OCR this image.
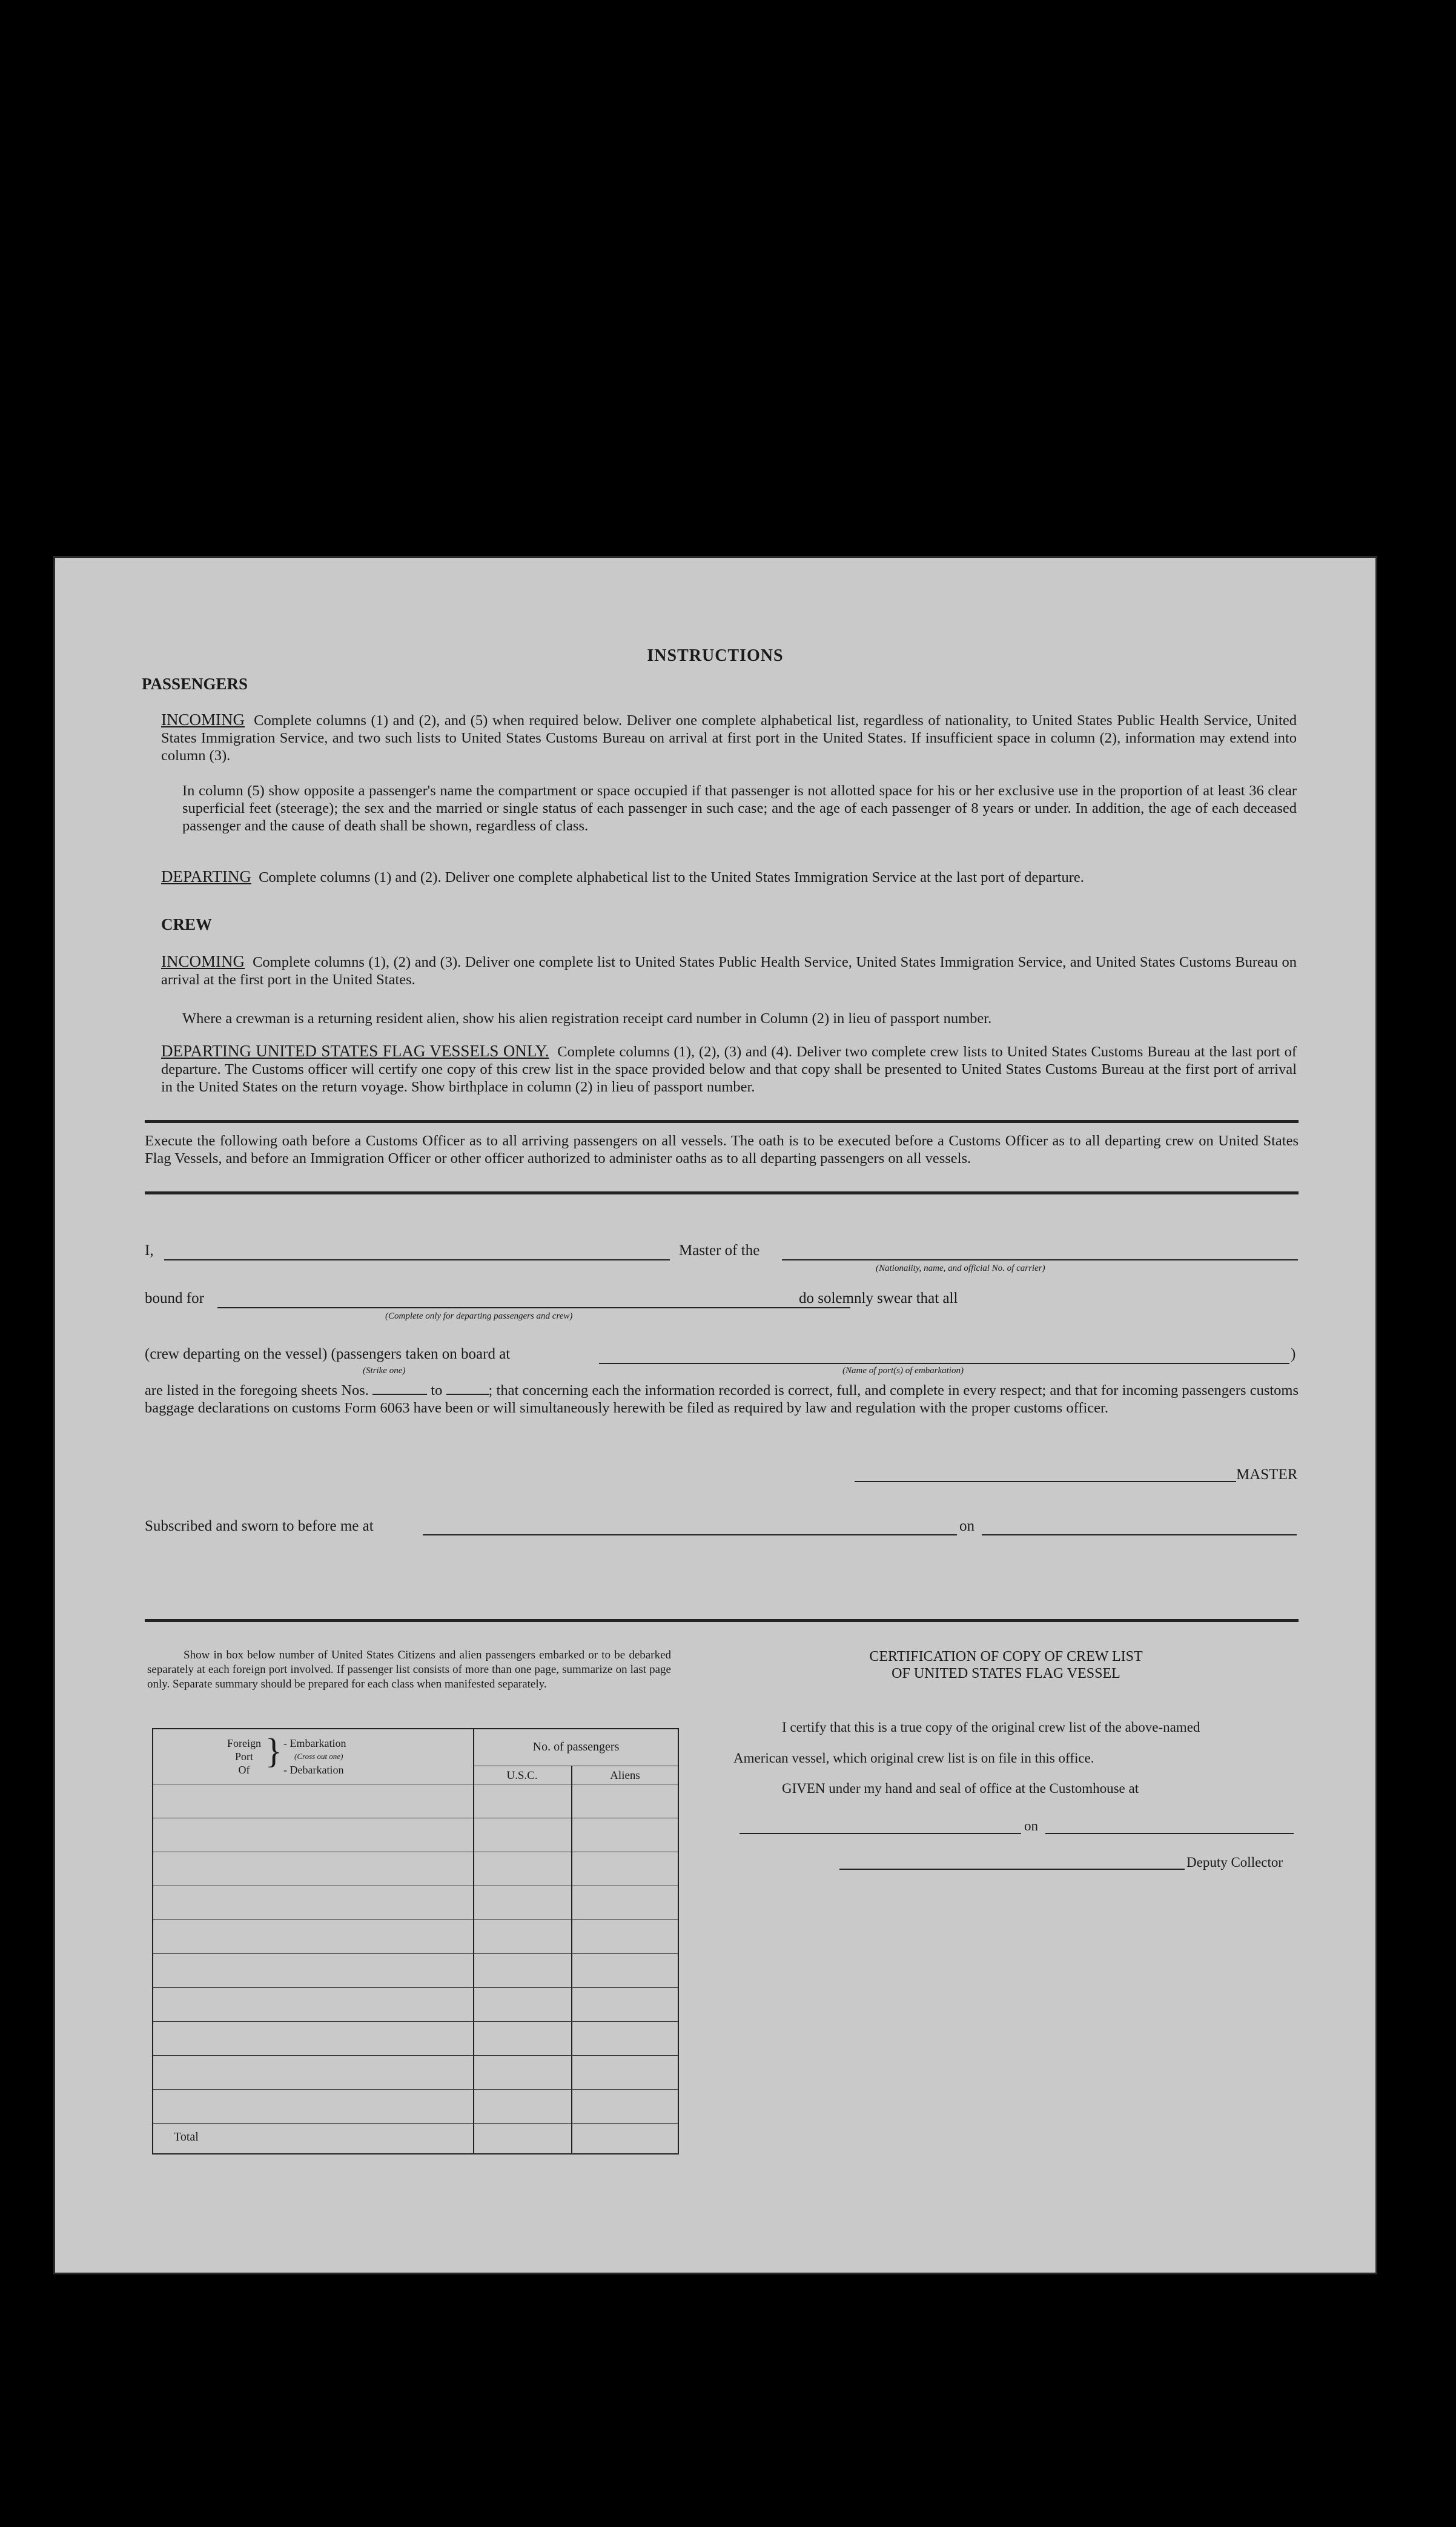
INSTRUCTIONS
PASSENGERS
INCOMING Complete columns (1) and (2), and (5) when required below. Deliver one complete alphabetical list, regardless of nationality, to United States Public Health Service, United States Immigration Service, and two such lists to United States Customs Bureau on arrival at first port in the United States. If insufficient space in column (2), information may extend into column (3).
In column (5) show opposite a passenger's name the compartment or space occupied if that passenger is not allotted space for his or her exclusive use in the proportion of at least 36 clear superficial feet (steerage); the sex and the married or single status of each passenger in such case; and the age of each passenger of 8 years or under. In addition, the age of each deceased passenger and the cause of death shall be shown, regardless of class.
DEPARTING Complete columns (1) and (2). Deliver one complete alphabetical list to the United States Immigration Service at the last port of departure.
CREW
INCOMING Complete columns (1), (2) and (3). Deliver one complete list to United States Public Health Service, United States Immigration Service, and United States Customs Bureau on arrival at the first port in the United States.
Where a crewman is a returning resident alien, show his alien registration receipt card number in Column (2) in lieu of passport number.
DEPARTING UNITED STATES FLAG VESSELS ONLY. Complete columns (1), (2), (3) and (4). Deliver two complete crew lists to United States Customs Bureau at the last port of departure. The Customs officer will certify one copy of this crew list in the space provided below and that copy shall be presented to United States Customs Bureau at the first port of arrival in the United States on the return voyage. Show birthplace in column (2) in lieu of passport number.
Execute the following oath before a Customs Officer as to all arriving passengers on all vessels. The oath is to be executed before a Customs Officer as to all departing crew on United States Flag Vessels, and before an Immigration Officer or other officer authorized to administer oaths as to all departing passengers on all vessels.
I,	Master of the
(Nationality, name, and official No. of carrier)
bound for
(Complete only for departing passengers and crew)
do solemnly swear that all
(crew departing on the vessel) (passengers taken on board at	)
(Strike one)	(Name of port(s) of embarkation)
are listed in the foregoing sheets Nos.	to	; that concerning each the information recorded is correct, full, and complete in every respect; and that for incoming passengers customs baggage declarations on customs Form 6063 have been or will simultaneously herewith be filed as required by law and regulation with the proper customs officer.
MASTER
Subscribed and sworn to before me at	on
Show in box below number of United States Citizens and alien passengers embarked or to be debarked separately at each foreign port involved. If passenger list consists of more than one page, summarize on last page only. Separate summary should be prepared for each class when manifested separately.
Foreign
Port
Of } - Embarkation
(Cross out one)
- Debarkation
No. of passengers
U.S.C.	Aliens
Total
CERTIFICATION OF COPY OF CREW LIST
OF UNITED STATES FLAG VESSEL
I certify that this is a true copy of the original crew list of the above-named
American vessel, which original crew list is on file in this office.
GIVEN under my hand and seal of office at the Customhouse at
on
Deputy Collector
